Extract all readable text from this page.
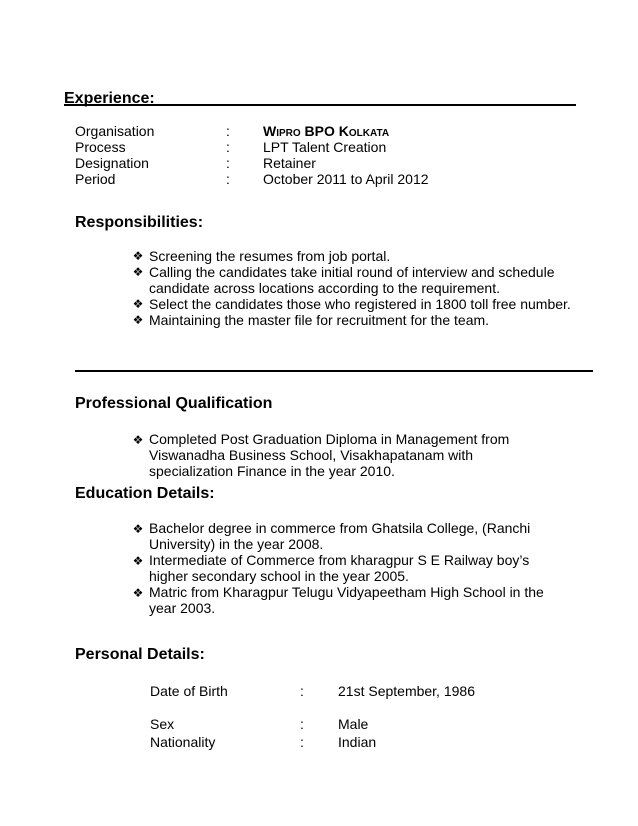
Experience:
Organisation	: Wipro BPO Kolkata
Process	: LPT Talent Creation
Designation	: Retainer
Period	: October 2011 to April 2012
Responsibilities:
❖ Screening the resumes from job portal.
❖ Calling the candidates take initial round of interview and schedule candidate across locations according to the requirement.
❖ Select the candidates those who registered in 1800 toll free number.
❖ Maintaining the master file for recruitment for the team.
Professional Qualification
❖ Completed Post Graduation Diploma in Management from Viswanadha Business School, Visakhapatanam with specialization Finance in the year 2010.
Education Details:
❖ Bachelor degree in commerce from Ghatsila College, (Ranchi University) in the year 2008.
❖ Intermediate of Commerce from kharagpur S E Railway boy’s higher secondary school in the year 2005.
❖ Matric from Kharagpur Telugu Vidyapeetham High School in the year 2003.
Personal Details:
Date of Birth	: 21st September, 1986
Sex	: Male
Nationality	: Indian
